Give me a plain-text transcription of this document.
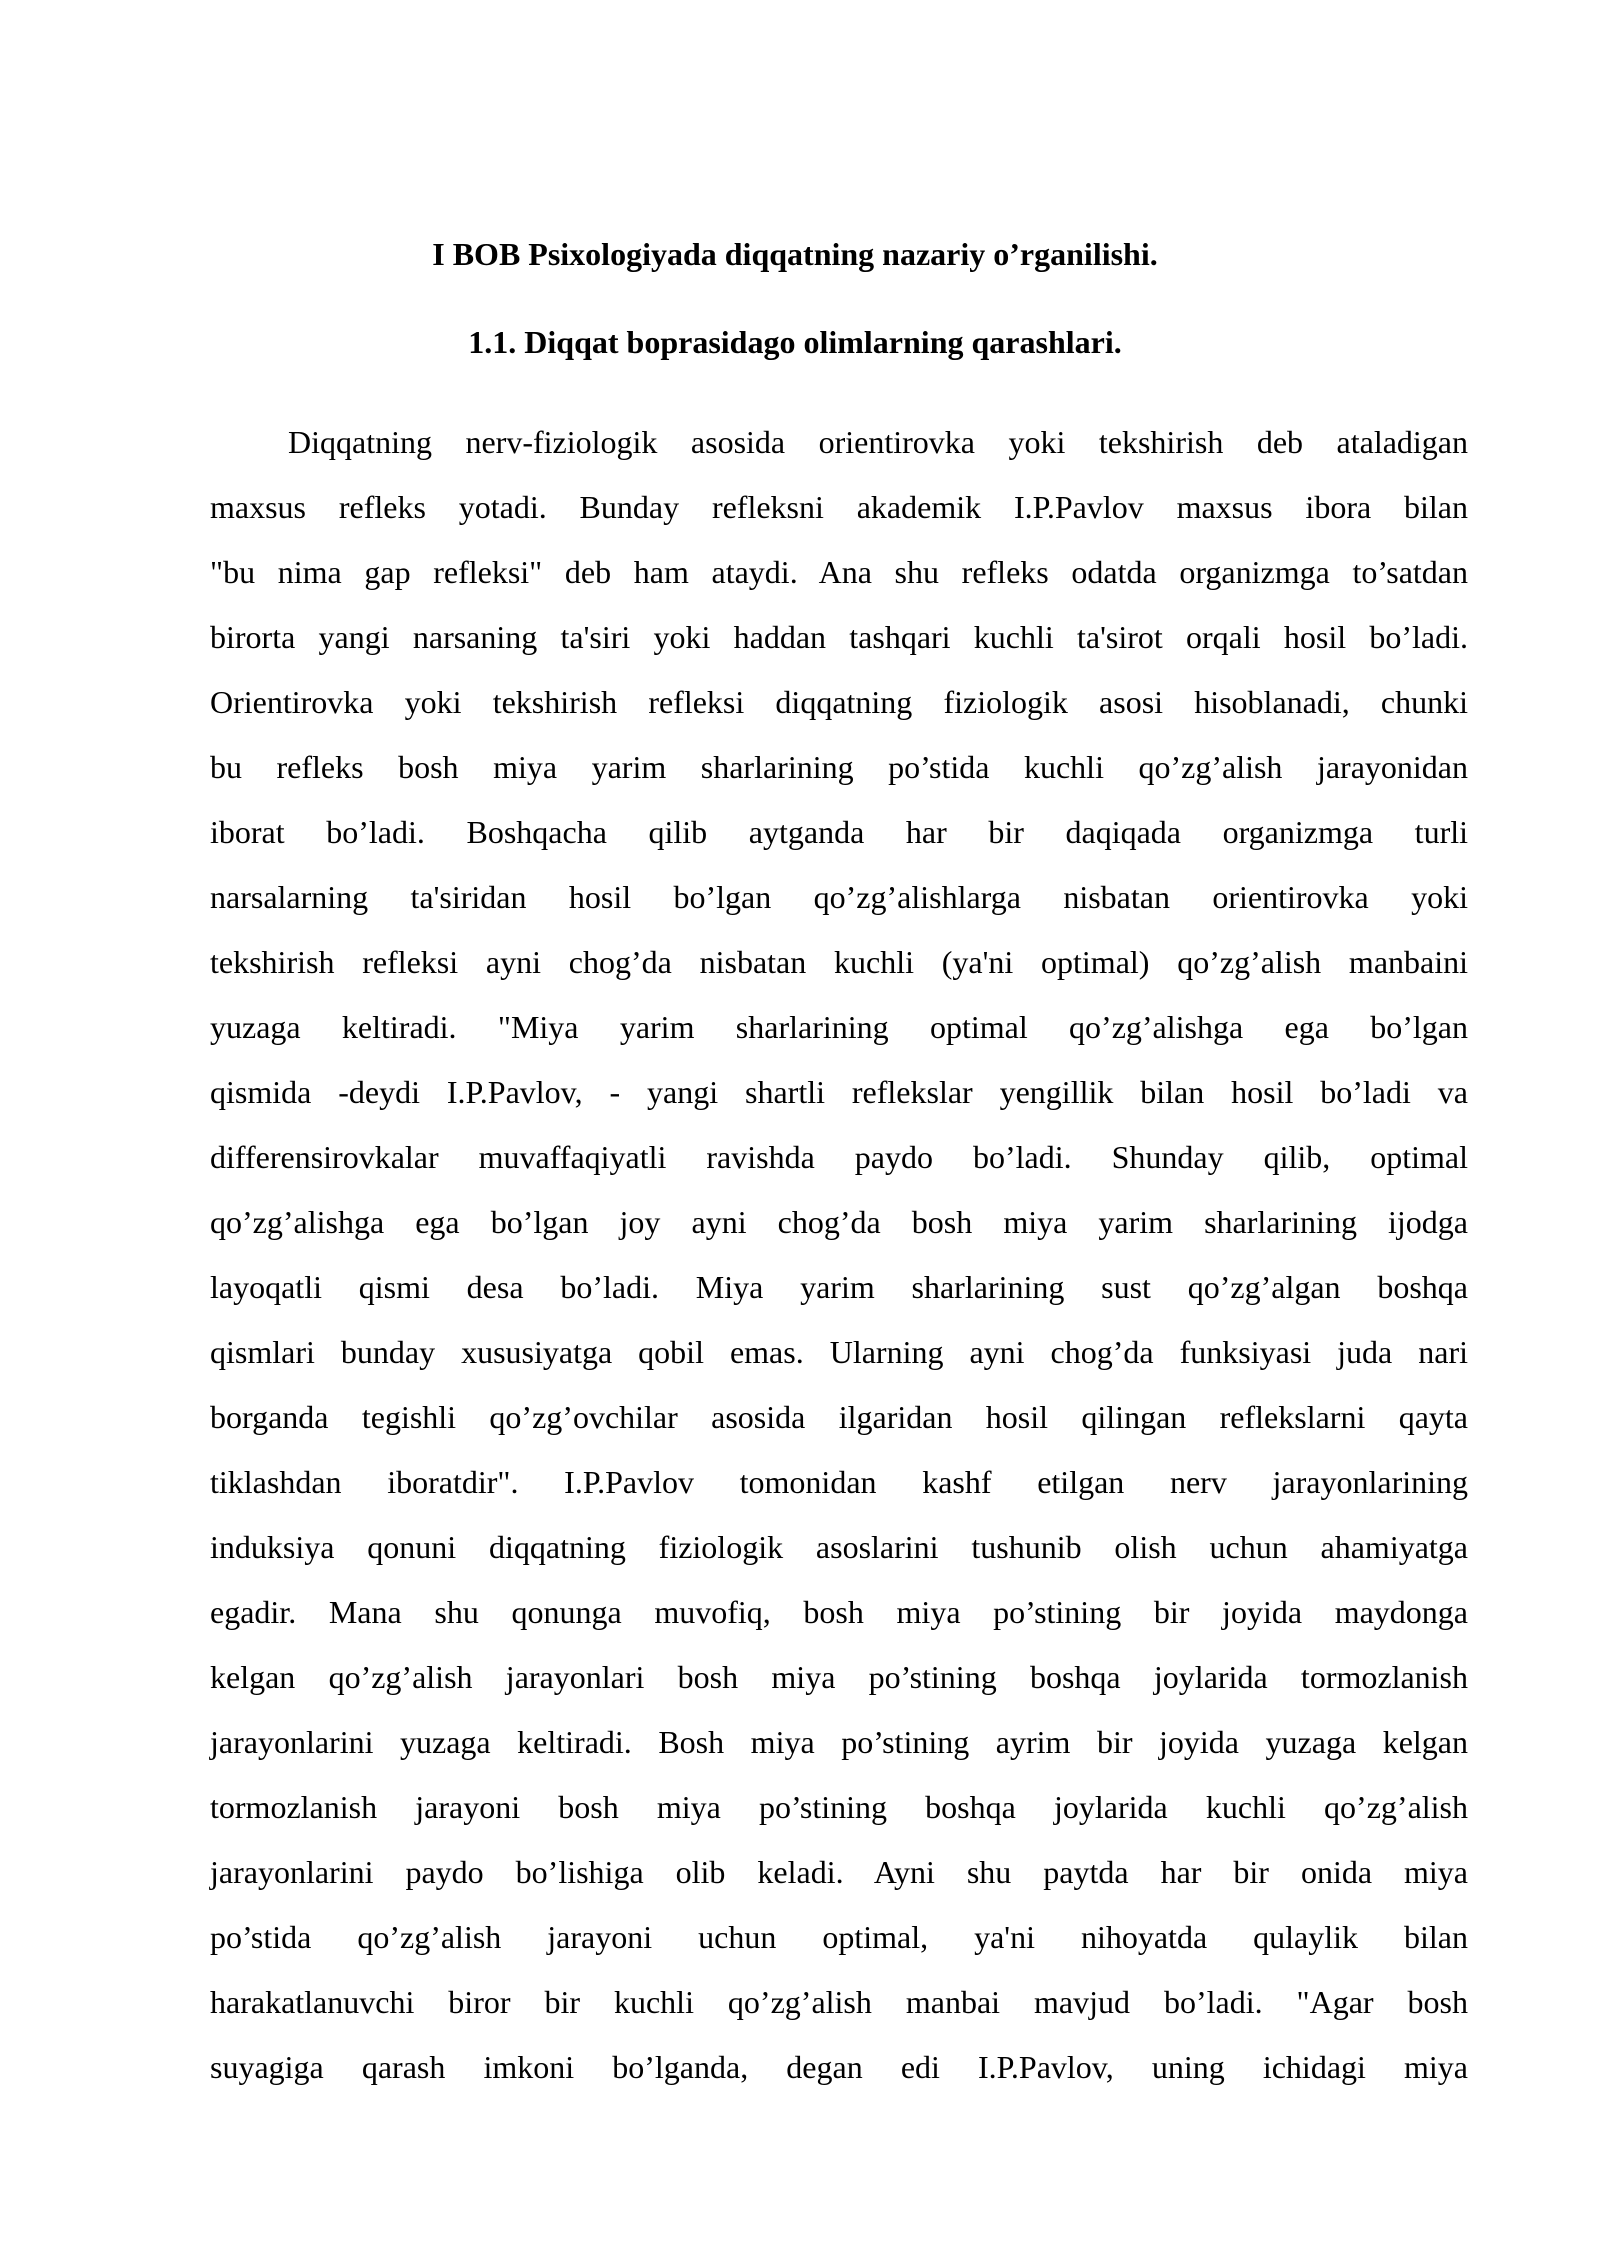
I BOB Psixologiyada diqqatning nazariy o’rganilishi.
1.1. Diqqat boprasidago olimlarning qarashlari.
Diqqatning nerv-fiziologik asosida orientirovka yoki tekshirish deb ataladigan
maxsus refleks yotadi. Bunday refleksni akademik I.P.Pavlov maxsus ibora bilan
"bu nima gap refleksi" deb ham ataydi. Ana shu refleks odatda organizmga to’satdan
birorta yangi narsaning ta'siri yoki haddan tashqari kuchli ta'sirot orqali hosil bo’ladi.
Orientirovka yoki tekshirish refleksi diqqatning fiziologik asosi hisoblanadi, chunki
bu refleks bosh miya yarim sharlarining po’stida kuchli qo’zg’alish jarayonidan
iborat bo’ladi. Boshqacha qilib aytganda har bir daqiqada organizmga turli
narsalarning ta'siridan hosil bo’lgan qo’zg’alishlarga nisbatan orientirovka yoki
tekshirish refleksi ayni chog’da nisbatan kuchli (ya'ni optimal) qo’zg’alish manbaini
yuzaga keltiradi. "Miya yarim sharlarining optimal qo’zg’alishga ega bo’lgan
qismida -deydi I.P.Pavlov, - yangi shartli reflekslar yengillik bilan hosil bo’ladi va
differensirovkalar muvaffaqiyatli ravishda paydo bo’ladi. Shunday qilib, optimal
qo’zg’alishga ega bo’lgan joy ayni chog’da bosh miya yarim sharlarining ijodga
layoqatli qismi desa bo’ladi. Miya yarim sharlarining sust qo’zg’algan boshqa
qismlari bunday xususiyatga qobil emas. Ularning ayni chog’da funksiyasi juda nari
borganda tegishli qo’zg’ovchilar asosida ilgaridan hosil qilingan reflekslarni qayta
tiklashdan iboratdir". I.P.Pavlov tomonidan kashf etilgan nerv jarayonlarining
induksiya qonuni diqqatning fiziologik asoslarini tushunib olish uchun ahamiyatga
egadir. Mana shu qonunga muvofiq, bosh miya po’stining bir joyida maydonga
kelgan qo’zg’alish jarayonlari bosh miya po’stining boshqa joylarida tormozlanish
jarayonlarini yuzaga keltiradi. Bosh miya po’stining ayrim bir joyida yuzaga kelgan
tormozlanish jarayoni bosh miya po’stining boshqa joylarida kuchli qo’zg’alish
jarayonlarini paydo bo’lishiga olib keladi. Ayni shu paytda har bir onida miya
po’stida qo’zg’alish jarayoni uchun optimal, ya'ni nihoyatda qulaylik bilan
harakatlanuvchi biror bir kuchli qo’zg’alish manbai mavjud bo’ladi. "Agar bosh
suyagiga qarash imkoni bo’lganda, degan edi I.P.Pavlov, uning ichidagi miya
